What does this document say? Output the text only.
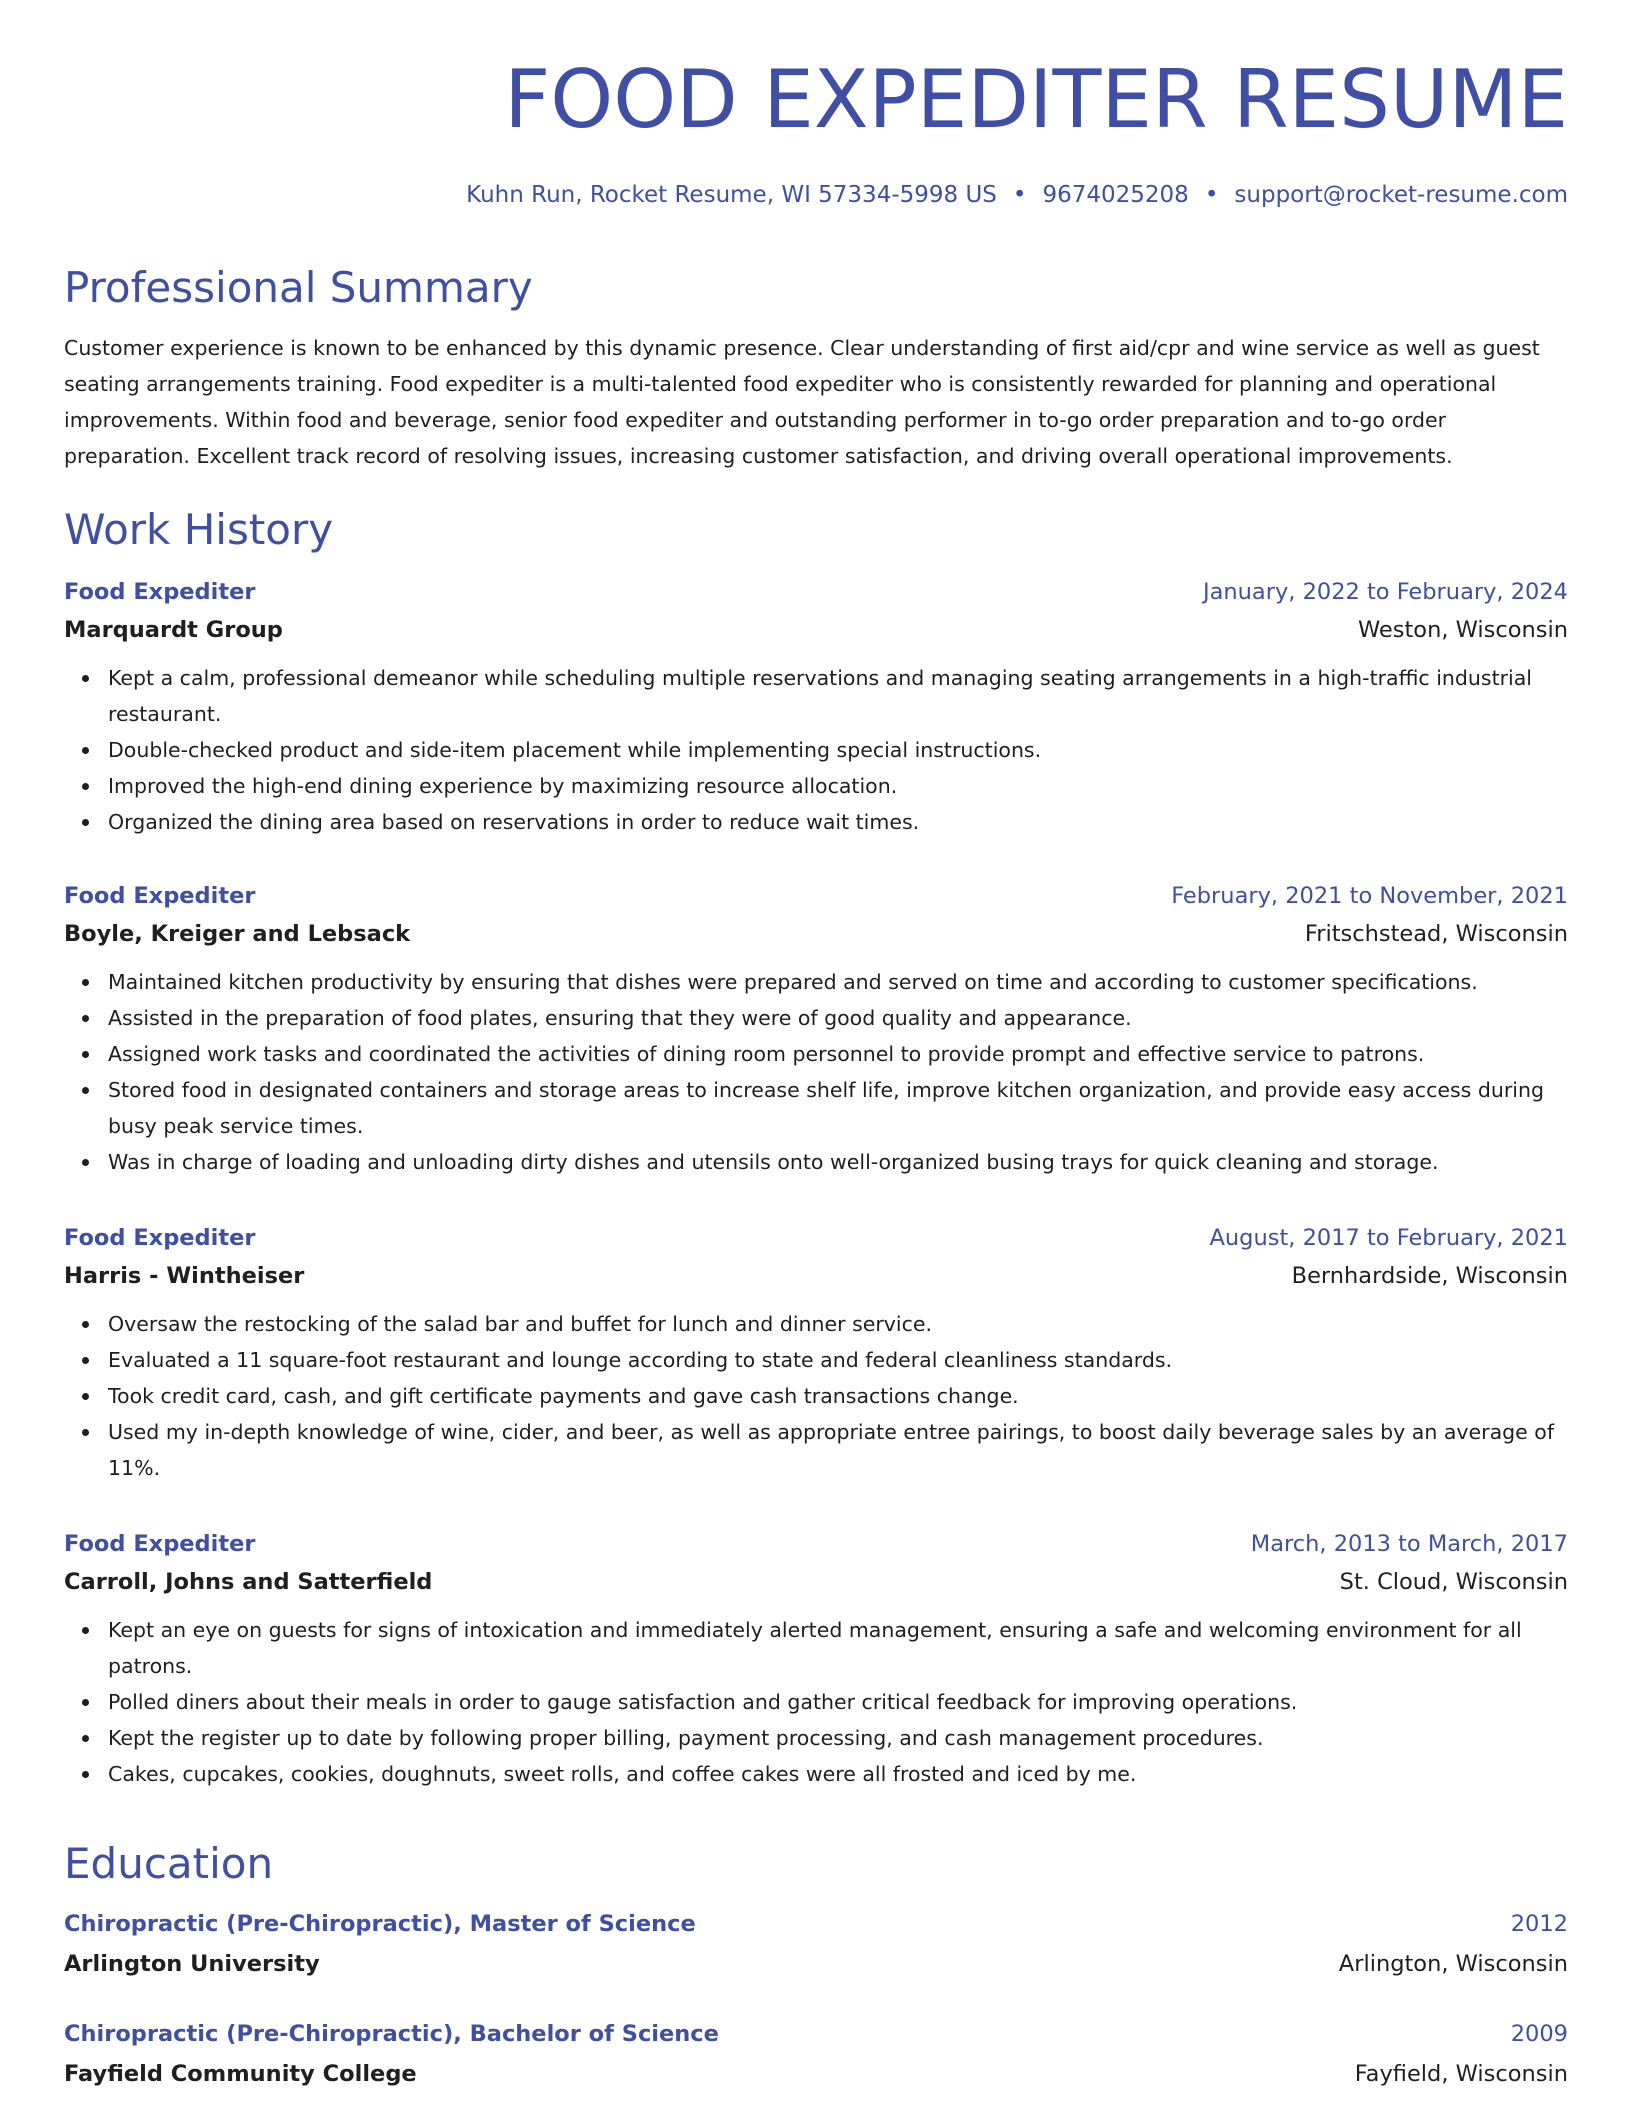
FOOD EXPEDITER RESUME
Kuhn Run, Rocket Resume, WI 57334-5998 US • 9674025208 • support@rocket-resume.com
Professional Summary

Customer experience is known to be enhanced by this dynamic presence. Clear understanding of first aid/cpr and wine service as well as guest seating arrangements training. Food expediter is a multi-talented food expediter who is consistently rewarded for planning and operational improvements. Within food and beverage, senior food expediter and outstanding performer in to-go order preparation and to-go order preparation. Excellent track record of resolving issues, increasing customer satisfaction, and driving overall operational improvements.

Work History
Food Expediter	January, 2022 to February, 2024
Marquardt Group	Weston, Wisconsin
Kept a calm, professional demeanor while scheduling multiple reservations and managing seating arrangements in a high-traffic industrial restaurant.
Double-checked product and side-item placement while implementing special instructions.
Improved the high-end dining experience by maximizing resource allocation.
Organized the dining area based on reservations in order to reduce wait times.
Food Expediter	February, 2021 to November, 2021
Boyle, Kreiger and Lebsack	Fritschstead, Wisconsin
Maintained kitchen productivity by ensuring that dishes were prepared and served on time and according to customer specifications.
Assisted in the preparation of food plates, ensuring that they were of good quality and appearance.
Assigned work tasks and coordinated the activities of dining room personnel to provide prompt and effective service to patrons.
Stored food in designated containers and storage areas to increase shelf life, improve kitchen organization, and provide easy access during busy peak service times.
Was in charge of loading and unloading dirty dishes and utensils onto well-organized busing trays for quick cleaning and storage.
Food Expediter	August, 2017 to February, 2021
Harris - Wintheiser	Bernhardside, Wisconsin
Oversaw the restocking of the salad bar and buffet for lunch and dinner service.
Evaluated a 11 square-foot restaurant and lounge according to state and federal cleanliness standards.
Took credit card, cash, and gift certificate payments and gave cash transactions change.
Used my in-depth knowledge of wine, cider, and beer, as well as appropriate entree pairings, to boost daily beverage sales by an average of 11%.
Food Expediter	March, 2013 to March, 2017
Carroll, Johns and Satterfield	St. Cloud, Wisconsin
Kept an eye on guests for signs of intoxication and immediately alerted management, ensuring a safe and welcoming environment for all patrons.
Polled diners about their meals in order to gauge satisfaction and gather critical feedback for improving operations.
Kept the register up to date by following proper billing, payment processing, and cash management procedures.
Cakes, cupcakes, cookies, doughnuts, sweet rolls, and coffee cakes were all frosted and iced by me.
Education
Chiropractic (Pre-Chiropractic), Master of Science	2012
Arlington University	Arlington, Wisconsin
Chiropractic (Pre-Chiropractic), Bachelor of Science	2009
Fayfield Community College	Fayfield, Wisconsin
